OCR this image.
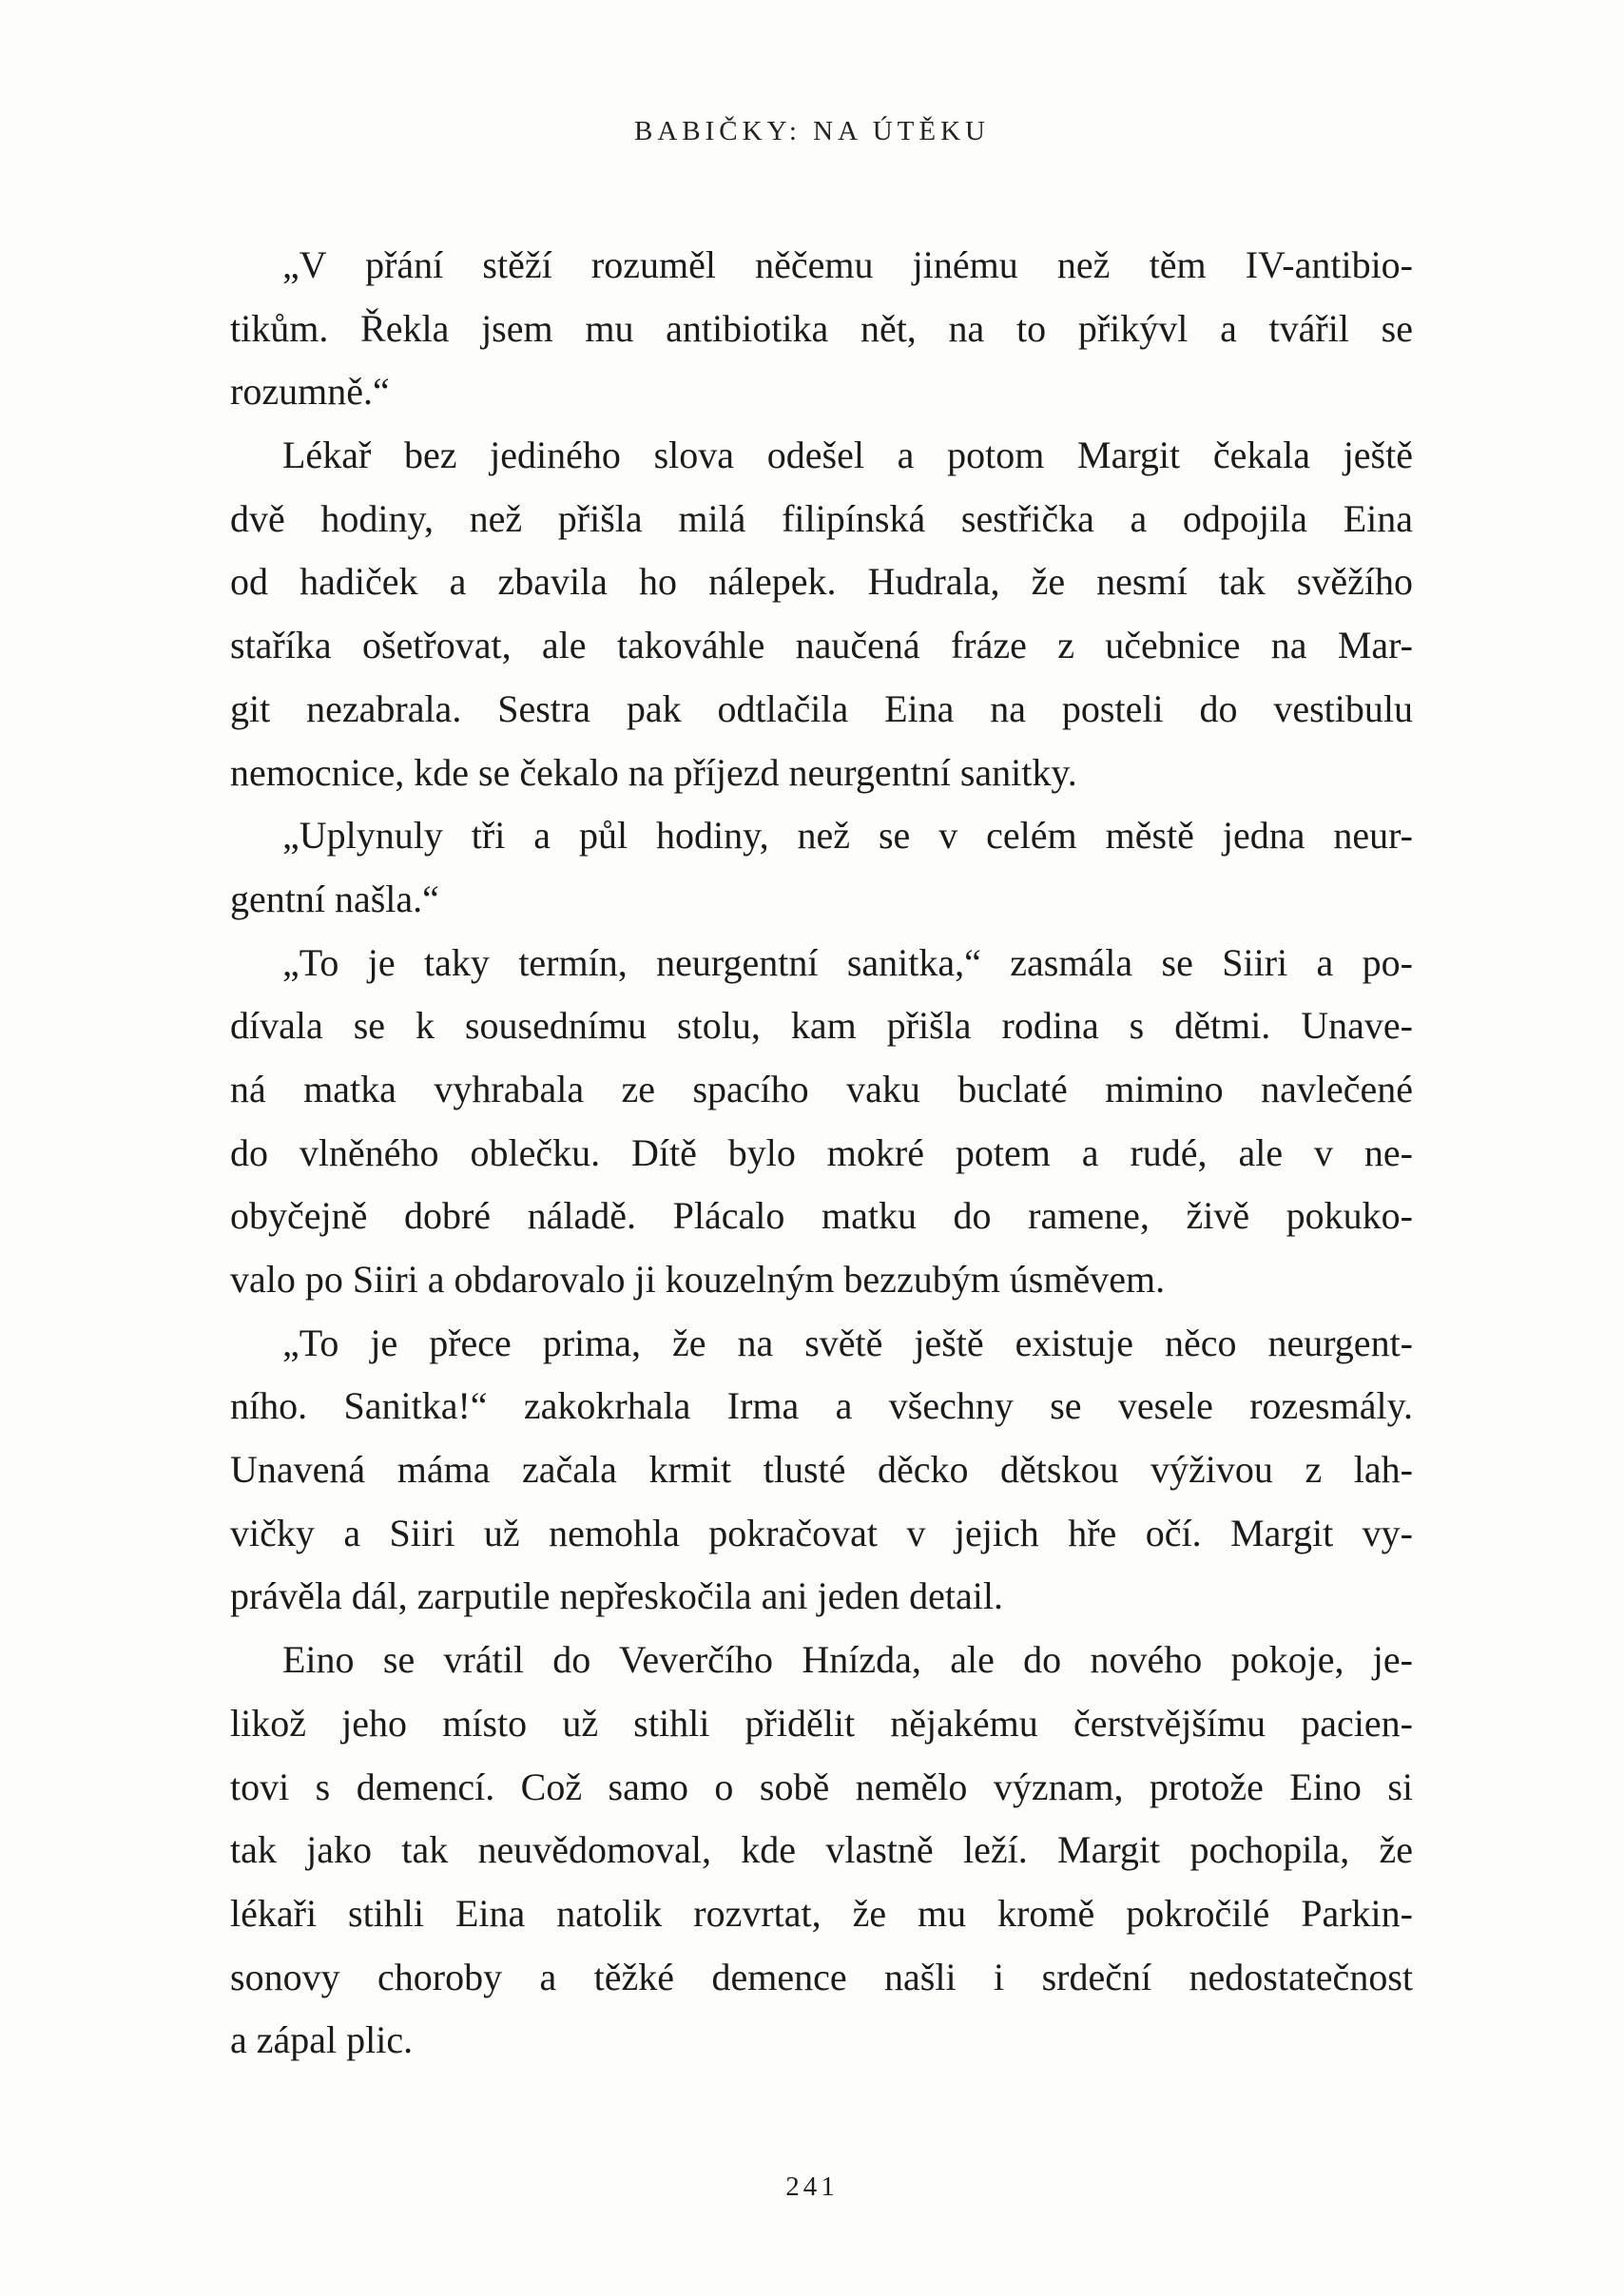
BABIČKY: NA ÚTĚKU
„V přání stěží rozuměl něčemu jinému než těm IV-antibio-
tikům. Řekla jsem mu antibiotika nět, na to přikývl a tvářil se
rozumně.“
Lékař bez jediného slova odešel a potom Margit čekala ještě
dvě hodiny, než přišla milá filipínská sestřička a odpojila Eina
od hadiček a zbavila ho nálepek. Hudrala, že nesmí tak svěžího
staříka ošetřovat, ale takováhle naučená fráze z učebnice na Mar-
git nezabrala. Sestra pak odtlačila Eina na posteli do vestibulu
nemocnice, kde se čekalo na příjezd neurgentní sanitky.
„Uplynuly tři a půl hodiny, než se v celém městě jedna neur-
gentní našla.“
„To je taky termín, neurgentní sanitka,“ zasmála se Siiri a po-
dívala se k sousednímu stolu, kam přišla rodina s dětmi. Unave-
ná matka vyhrabala ze spacího vaku buclaté mimino navlečené
do vlněného oblečku. Dítě bylo mokré potem a rudé, ale v ne-
obyčejně dobré náladě. Plácalo matku do ramene, živě pokuko-
valo po Siiri a obdarovalo ji kouzelným bezzubým úsměvem.
„To je přece prima, že na světě ještě existuje něco neurgent-
ního. Sanitka!“ zakokrhala Irma a všechny se vesele rozesmály.
Unavená máma začala krmit tlusté děcko dětskou výživou z lah-
vičky a Siiri už nemohla pokračovat v jejich hře očí. Margit vy-
právěla dál, zarputile nepřeskočila ani jeden detail.
Eino se vrátil do Veverčího Hnízda, ale do nového pokoje, je-
likož jeho místo už stihli přidělit nějakému čerstvějšímu pacien-
tovi s demencí. Což samo o sobě nemělo význam, protože Eino si
tak jako tak neuvědomoval, kde vlastně leží. Margit pochopila, že
lékaři stihli Eina natolik rozvrtat, že mu kromě pokročilé Parkin-
sonovy choroby a těžké demence našli i srdeční nedostatečnost
a zápal plic.
241
